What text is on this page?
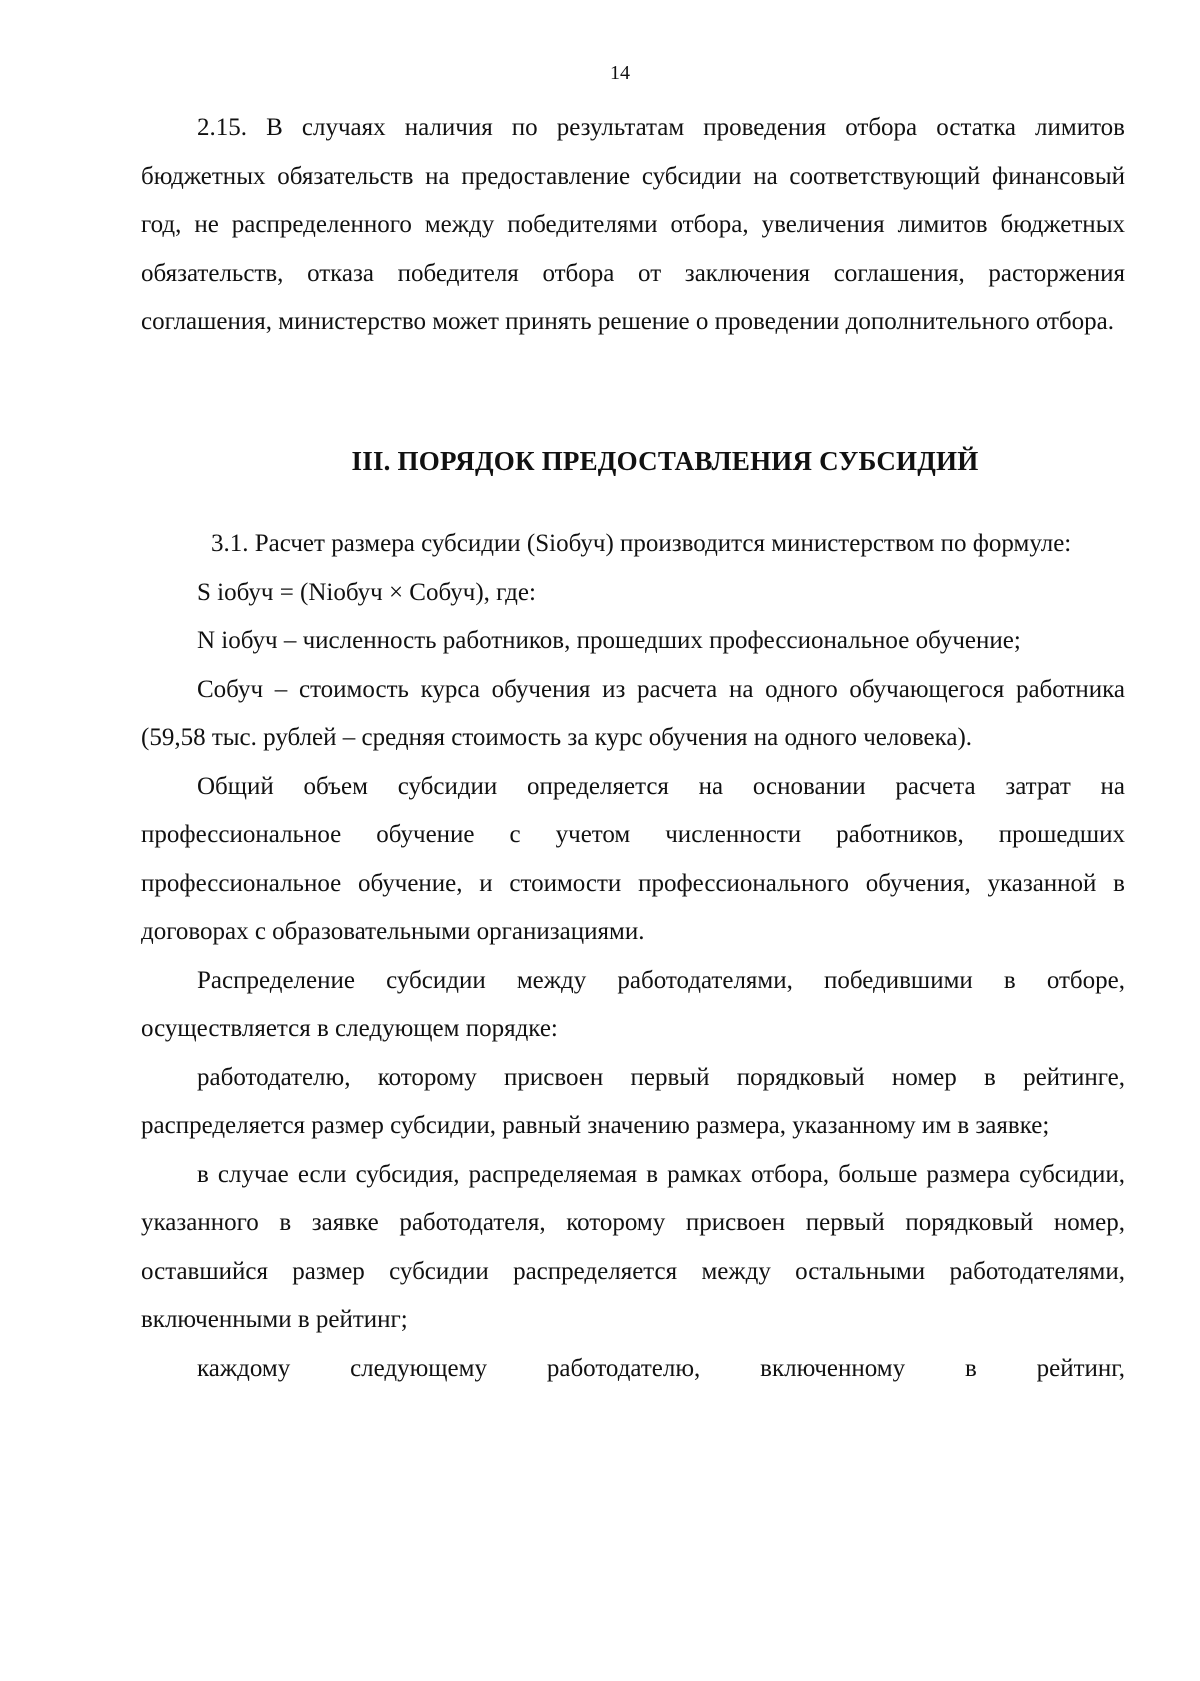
14

2.15. В случаях наличия по результатам проведения отбора остатка лимитов бюджетных обязательств на предоставление субсидии на соответствующий финансовый год, не распределенного между победителями отбора, увеличения лимитов бюджетных обязательств, отказа победителя отбора от заключения соглашения, расторжения соглашения, министерство может принять решение о проведении дополнительного отбора.

III. ПОРЯДОК ПРЕДОСТАВЛЕНИЯ СУБСИДИЙ

3.1. Расчет размера субсидии (Siобуч) производится министерством по формуле:

S iобуч = (Niобуч × Cобуч), где:

N iобуч – численность работников, прошедших профессиональное обучение;

Cобуч – стоимость курса обучения из расчета на одного обучающегося работника (59,58 тыс. рублей – средняя стоимость за курс обучения на одного человека).

Общий объем субсидии определяется на основании расчета затрат на профессиональное обучение с учетом численности работников, прошедших профессиональное обучение, и стоимости профессионального обучения, указанной в договорах с образовательными организациями.

Распределение субсидии между работодателями, победившими в отборе, осуществляется в следующем порядке:

работодателю, которому присвоен первый порядковый номер в рейтинге, распределяется размер субсидии, равный значению размера, указанному им в заявке;

в случае если субсидия, распределяемая в рамках отбора, больше размера субсидии, указанного в заявке работодателя, которому присвоен первый порядковый номер, оставшийся размер субсидии распределяется между остальными работодателями, включенными в рейтинг;

каждому следующему работодателю, включенному в рейтинг,
